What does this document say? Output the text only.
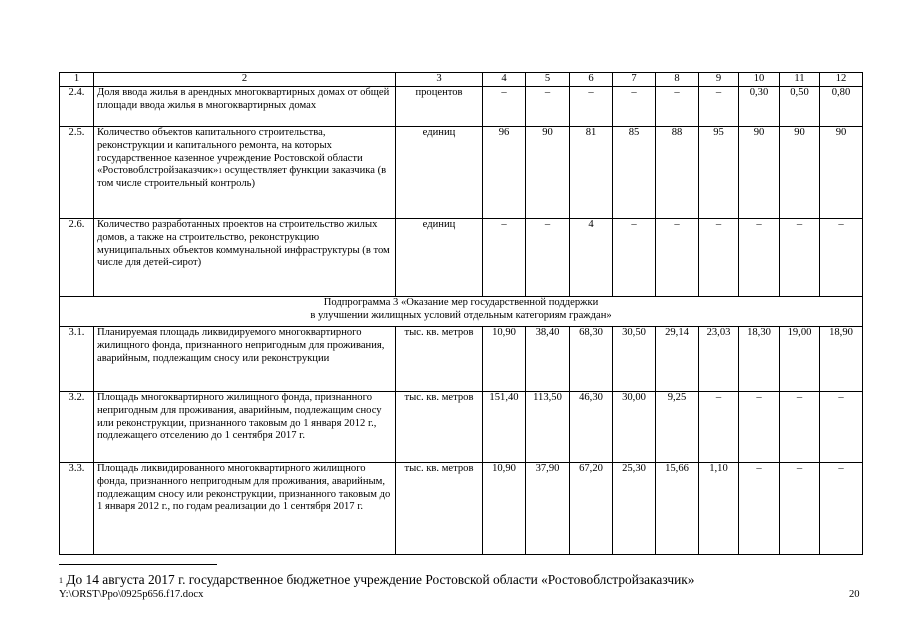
1	2	3	4	5	6	7	8	9	10	11	12
2.4.	Доля ввода жилья в арендных многоквартирных домах от общей площади ввода жилья в многоквартирных домах	процентов	–	–	–	–	–	–	0,30	0,50	0,80
2.5.	Количество объектов капитального строительства, реконструкции и капитального ремонта, на которых государственное казенное учреждение Ростовской области «Ростовоблстройзаказчик»$^1$ осуществляет функции заказчика (в том числе строительный контроль)	единиц	96	90	81	85	88	95	90	90	90
2.6.	Количество разработанных проектов на строительство жилых домов, а также на строительство, реконструкцию муниципальных объектов коммунальной инфраструктуры (в том числе для детей-сирот)	единиц	–	–	4	–	–	–	–	–	–

Подпрограмма 3 «Оказание мер государственной поддержки
в улучшении жилищных условий отдельным категориям граждан»											

3.1.	Планируемая площадь ликвидируемого многоквартирного жилищного фонда, признанного непригодным для проживания, аварийным, подлежащим сносу или реконструкции	тыс. кв. метров	10,90	38,40	68,30	30,50	29,14	23,03	18,30	19,00	18,90
3.2.	Площадь многоквартирного жилищного фонда, признанного непригодным для проживания, аварийным, подлежащим сносу или реконструкции, признанного таковым до 1 января 2012 г., подлежащего отселению до 1 сентября 2017 г.	тыс. кв. метров	151,40	113,50	46,30	30,00	9,25	–	–	–	–
3.3.	Площадь ликвидированного многоквартирного жилищного фонда, признанного непригодным для проживания, аварийным, подлежащим сносу или реконструкции, признанного таковым до 1 января 2012 г., по годам реализации до 1 сентября 2017 г.	тыс. кв. метров	10,90	37,90	67,20	25,30	15,66	1,10	–	–	–
$^1$ До 14 августа 2017 г. государственное бюджетное учреждение Ростовской области «Ростовоблстройзаказчик»
Y:\ORST\Ppo\0925p656.f17.docx	20
